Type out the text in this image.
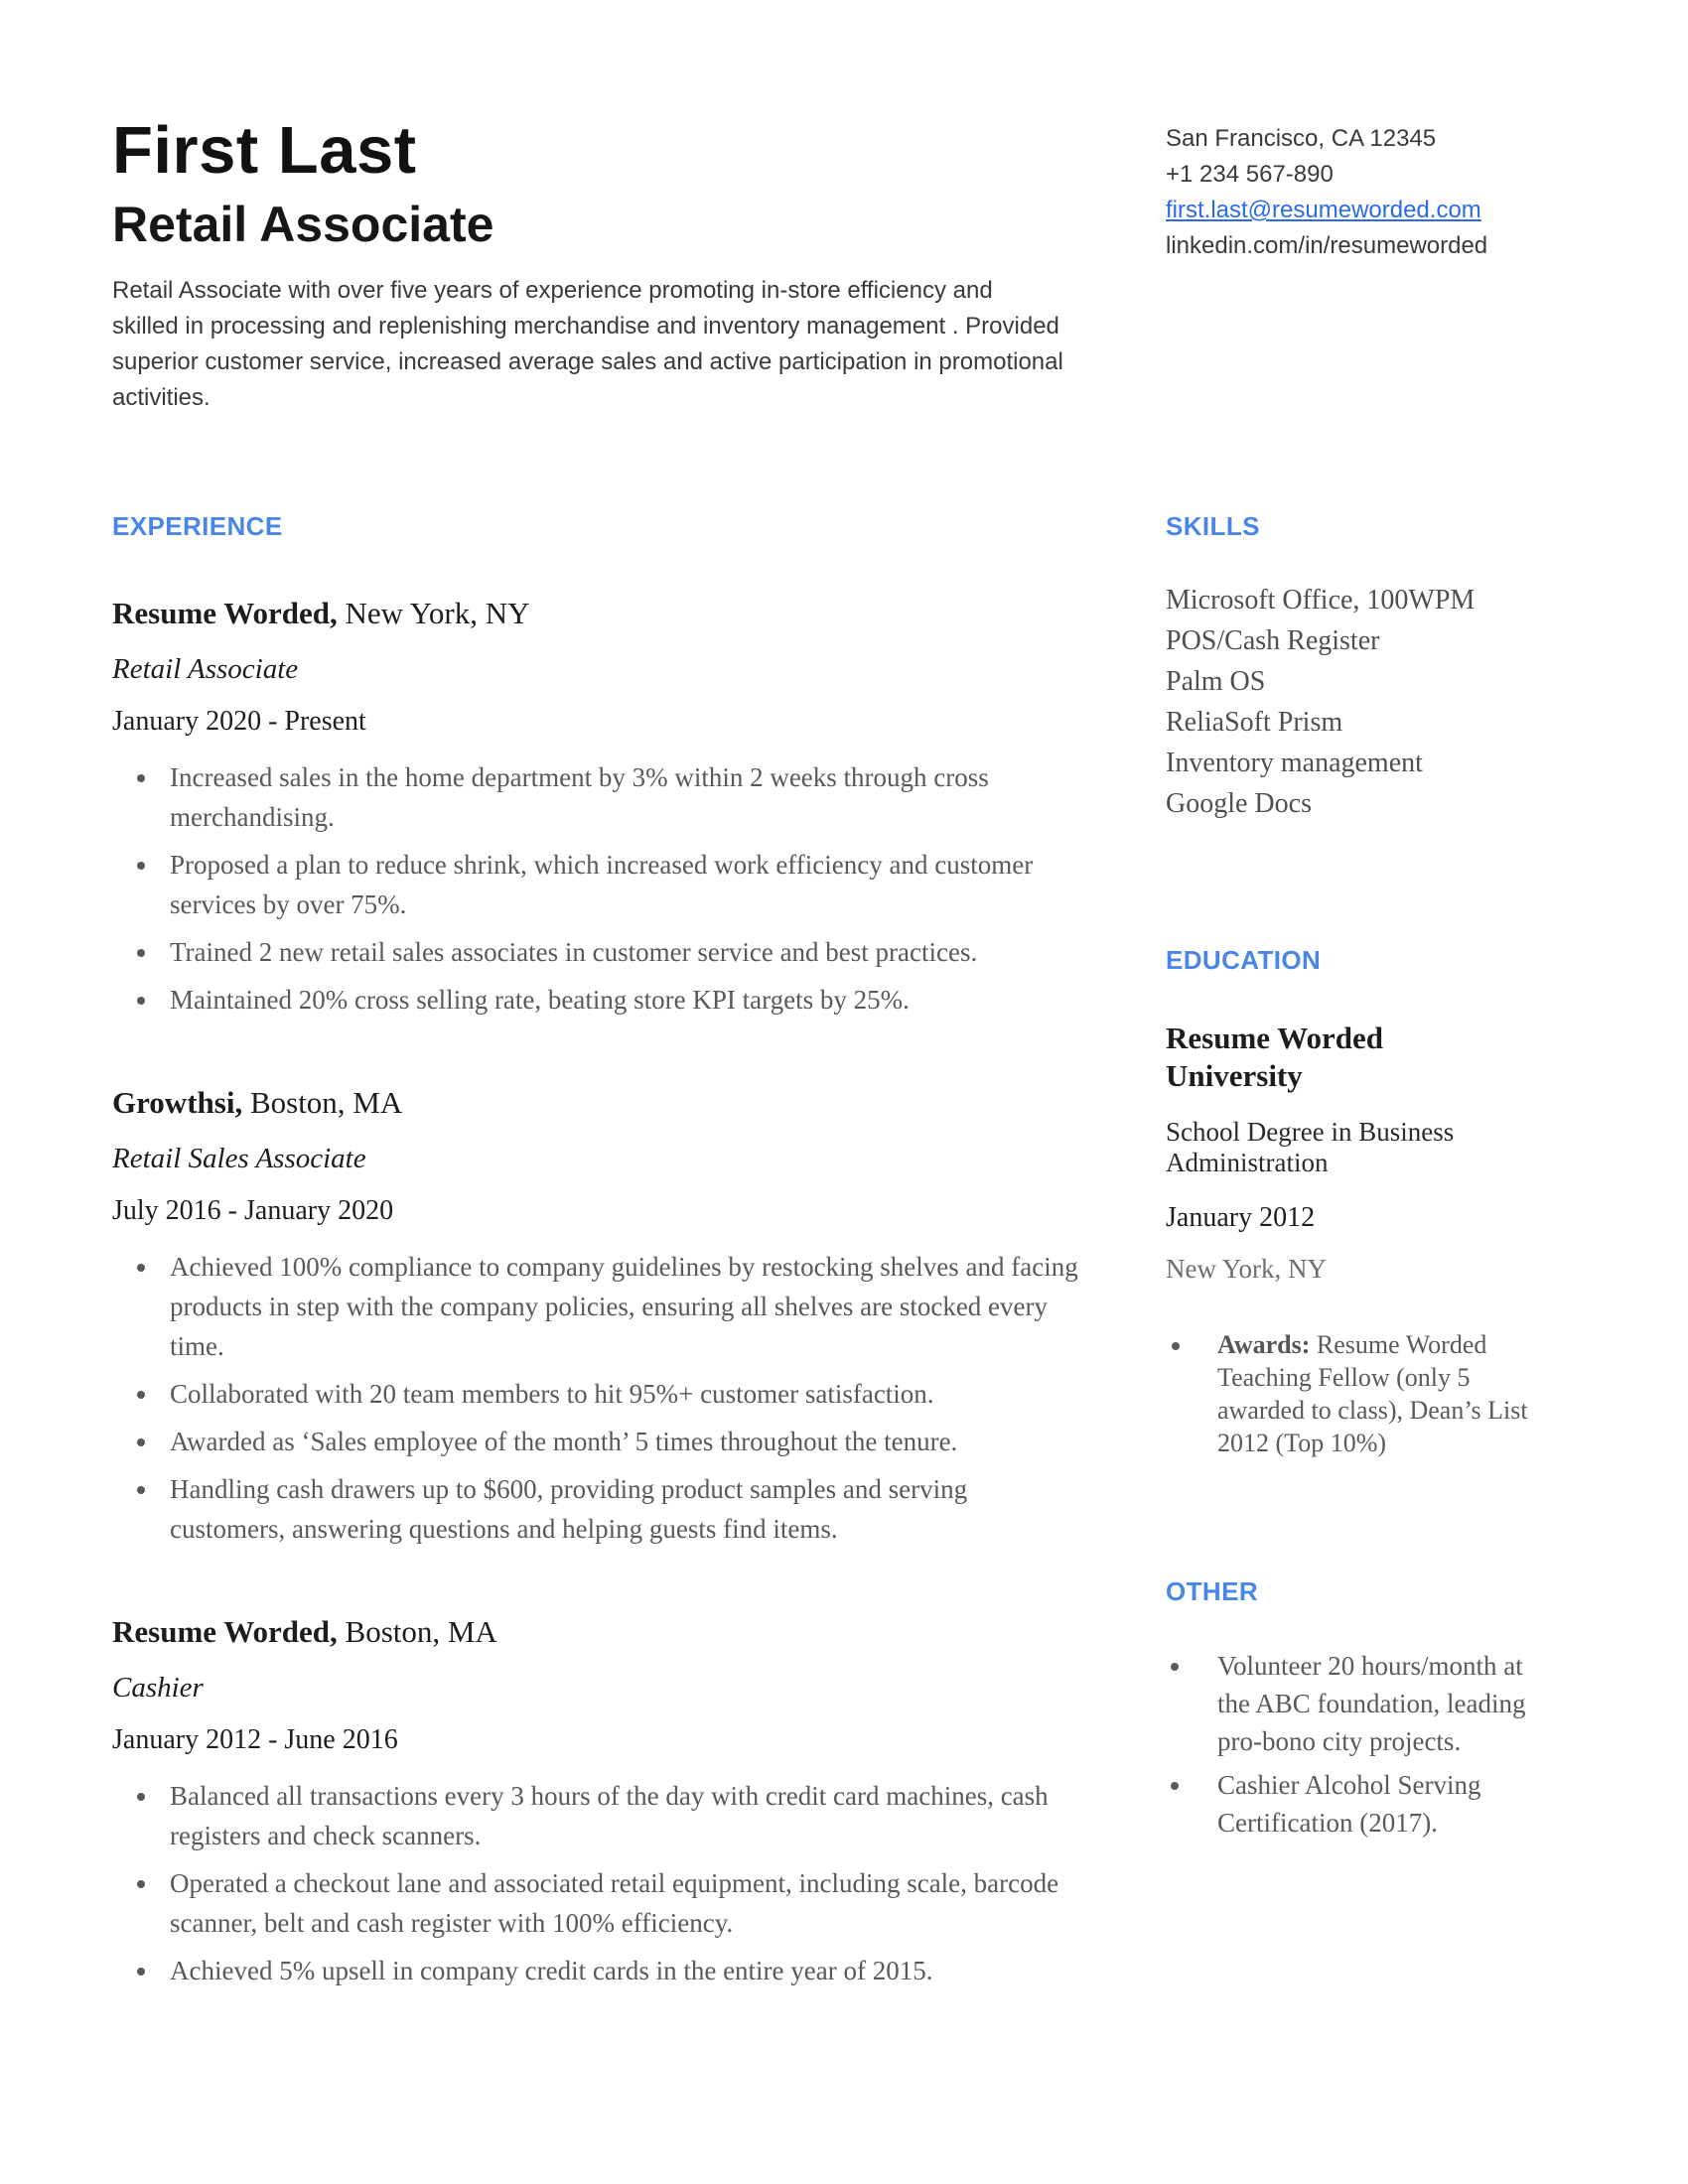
First Last
Retail Associate

Retail Associate with over five years of experience promoting in-store efficiency and skilled in processing and replenishing merchandise and inventory management . Provided superior customer service, increased average sales and active participation in promotional activities.

San Francisco, CA 12345
+1 234 567-890
first.last@resumeworded.com
linkedin.com/in/resumeworded
EXPERIENCE
Resume Worded, New York, NY
Retail Associate
January 2020 - Present
• Increased sales in the home department by 3% within 2 weeks through cross merchandising.
• Proposed a plan to reduce shrink, which increased work efficiency and customer services by over 75%.
• Trained 2 new retail sales associates in customer service and best practices.
• Maintained 20% cross selling rate, beating store KPI targets by 25%.
Growthsi, Boston, MA
Retail Sales Associate
July 2016 - January 2020
• Achieved 100% compliance to company guidelines by restocking shelves and facing products in step with the company policies, ensuring all shelves are stocked every time.
• Collaborated with 20 team members to hit 95%+ customer satisfaction.
• Awarded as ‘Sales employee of the month’ 5 times throughout the tenure.
• Handling cash drawers up to $600, providing product samples and serving customers, answering questions and helping guests find items.
Resume Worded, Boston, MA
Cashier
January 2012 - June 2016
• Balanced all transactions every 3 hours of the day with credit card machines, cash registers and check scanners.
• Operated a checkout lane and associated retail equipment, including scale, barcode scanner, belt and cash register with 100% efficiency.
• Achieved 5% upsell in company credit cards in the entire year of 2015.
SKILLS
Microsoft Office, 100WPM
POS/Cash Register
Palm OS
ReliaSoft Prism
Inventory management
Google Docs
EDUCATION
Resume Worded University
School Degree in Business Administration
January 2012
New York, NY
• Awards: Resume Worded Teaching Fellow (only 5 awarded to class), Dean’s List 2012 (Top 10%)
OTHER
• Volunteer 20 hours/month at the ABC foundation, leading pro-bono city projects.
• Cashier Alcohol Serving Certification (2017).
